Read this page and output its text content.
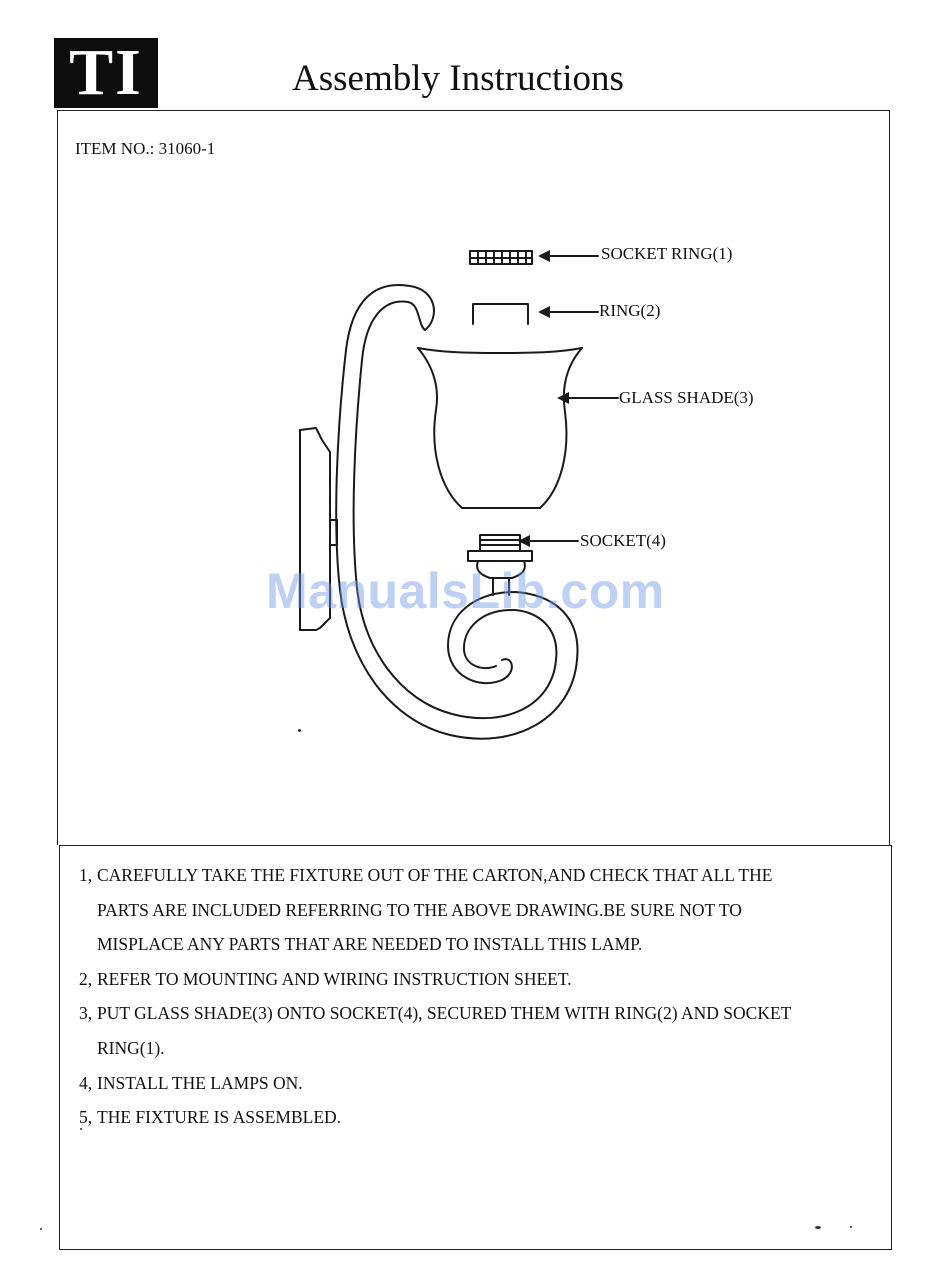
TI	Assembly Instructions
ITEM NO.: 31060-1
SOCKET RING(1)
RING(2)
GLASS SHADE(3)
SOCKET(4)
ManualsLib.com
1, CAREFULLY TAKE THE FIXTURE OUT OF THE CARTON,AND CHECK THAT ALL THE
PARTS ARE INCLUDED REFERRING TO THE ABOVE DRAWING.BE SURE NOT TO
MISPLACE ANY PARTS THAT ARE NEEDED TO INSTALL THIS LAMP.
2, REFER TO MOUNTING AND WIRING INSTRUCTION SHEET.
3, PUT GLASS SHADE(3) ONTO SOCKET(4), SECURED THEM WITH RING(2) AND SOCKET
RING(1).
4, INSTALL THE LAMPS ON.
5, THE FIXTURE IS ASSEMBLED.
